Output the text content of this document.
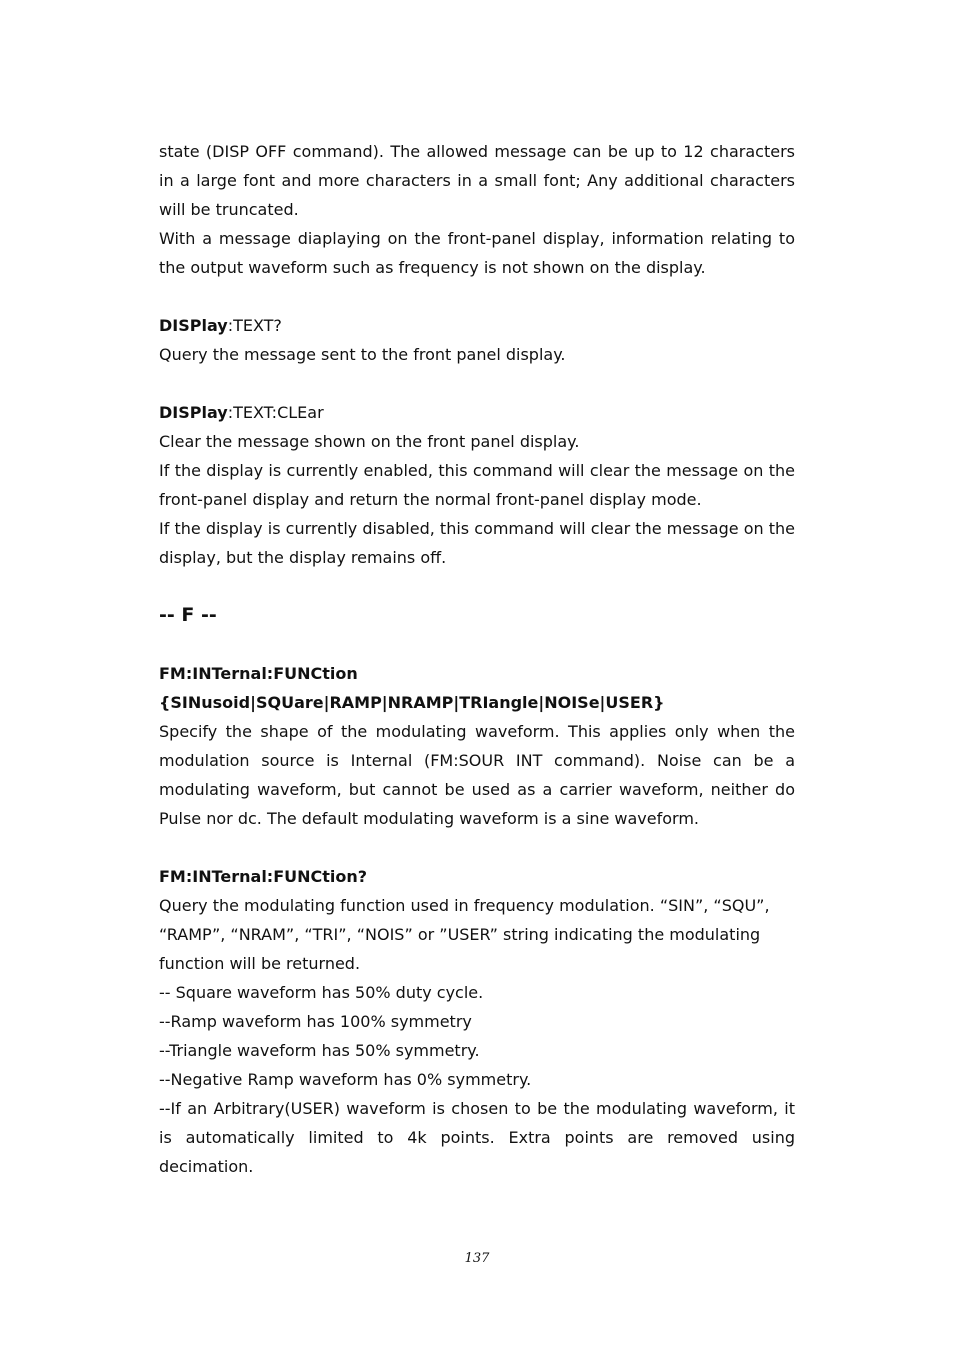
state (DISP OFF command). The allowed message can be up to 12 characters in a large font and more characters in a small font; Any additional characters will be truncated.

With a message diaplaying on the front-panel display, information relating to the output waveform such as frequency is not shown on the display.

DISPlay:TEXT?

Query the message sent to the front panel display.

DISPlay:TEXT:CLEar

Clear the message shown on the front panel display.

If the display is currently enabled, this command will clear the message on the front-panel display and return the normal front-panel display mode.

If the display is currently disabled, this command will clear the message on the display, but the display remains off.

-- F --

FM:INTernal:FUNCtion

{SINusoid|SQUare|RAMP|NRAMP|TRIangle|NOISe|USER}

Specify the shape of the modulating waveform. This applies only when the modulation source is Internal (FM:SOUR INT command). Noise can be a modulating waveform, but cannot be used as a carrier waveform, neither do Pulse nor dc. The default modulating waveform is a sine waveform.

FM:INTernal:FUNCtion?

Query the modulating function used in frequency modulation. “SIN”, “SQU”,

“RAMP”, “NRAM”, “TRI”, “NOIS” or ”USER” string indicating the modulating

function will be returned.

-- Square waveform has 50% duty cycle.

--Ramp waveform has 100% symmetry

--Triangle waveform has 50% symmetry.

--Negative Ramp waveform has 0% symmetry.

--If an Arbitrary(USER) waveform is chosen to be the modulating waveform, it is automatically limited to 4k points. Extra points are removed using decimation.

137
